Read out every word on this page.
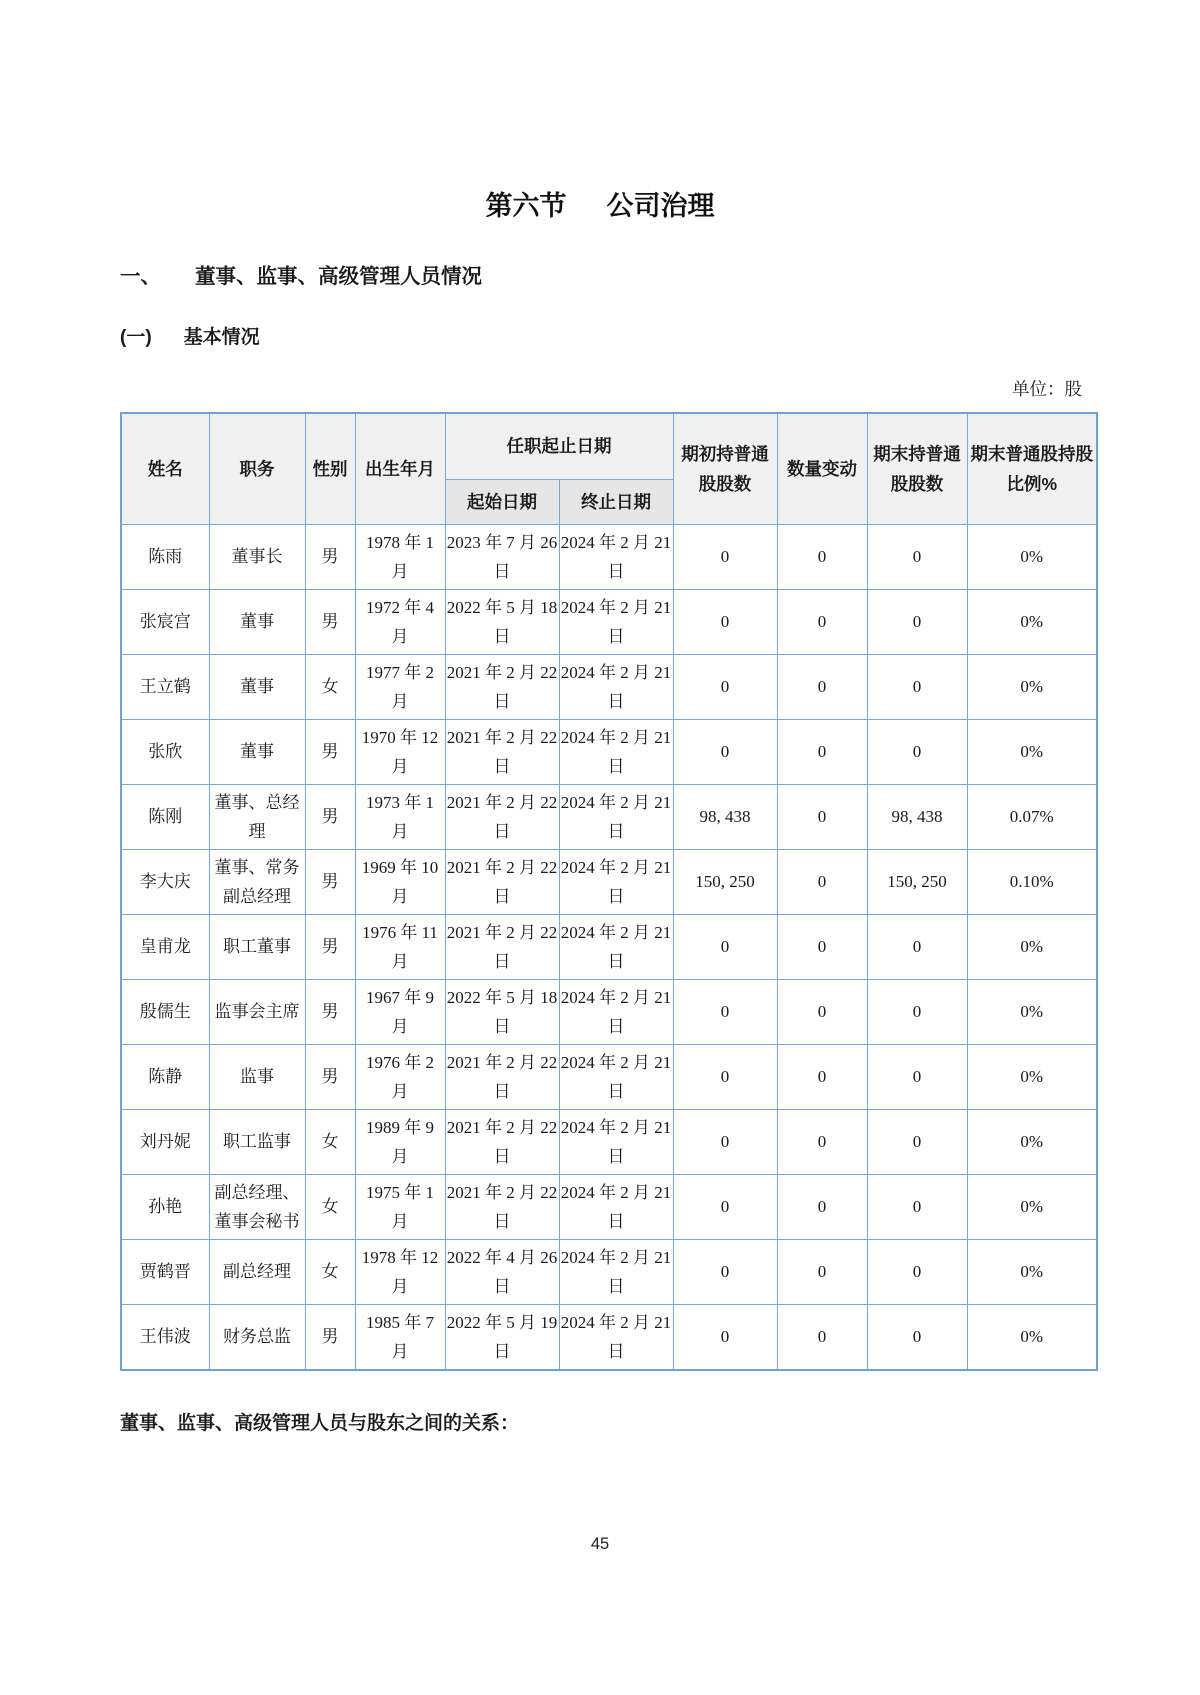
第六节 公司治理
一、 董事、监事、高级管理人员情况
(一) 基本情况
单位：股
姓名	职务	性别	出生年月	任职起止日期		期初持普通股股数	数量变动	期末持普通股股数	期末普通股持股比例%
				起始日期	终止日期				
陈雨	董事长	男	1978 年 1 月	2023 年 7 月 26 日	2024 年 2 月 21 日	0	0	0	0%
张宸宫	董事	男	1972 年 4 月	2022 年 5 月 18 日	2024 年 2 月 21 日	0	0	0	0%
王立鹤	董事	女	1977 年 2 月	2021 年 2 月 22 日	2024 年 2 月 21 日	0	0	0	0%
张欣	董事	男	1970 年 12 月	2021 年 2 月 22 日	2024 年 2 月 21 日	0	0	0	0%
陈刚	董事、总经理	男	1973 年 1 月	2021 年 2 月 22 日	2024 年 2 月 21 日	98, 438	0	98, 438	0.07%
李大庆	董事、常务副总经理	男	1969 年 10 月	2021 年 2 月 22 日	2024 年 2 月 21 日	150, 250	0	150, 250	0.10%
皇甫龙	职工董事	男	1976 年 11 月	2021 年 2 月 22 日	2024 年 2 月 21 日	0	0	0	0%
殷儒生	监事会主席	男	1967 年 9 月	2022 年 5 月 18 日	2024 年 2 月 21 日	0	0	0	0%
陈静	监事	男	1976 年 2 月	2021 年 2 月 22 日	2024 年 2 月 21 日	0	0	0	0%
刘丹妮	职工监事	女	1989 年 9 月	2021 年 2 月 22 日	2024 年 2 月 21 日	0	0	0	0%
孙艳	副总经理、董事会秘书	女	1975 年 1 月	2021 年 2 月 22 日	2024 年 2 月 21 日	0	0	0	0%
贾鹤晋	副总经理	女	1978 年 12 月	2022 年 4 月 26 日	2024 年 2 月 21 日	0	0	0	0%
王伟波	财务总监	男	1985 年 7 月	2022 年 5 月 19 日	2024 年 2 月 21 日	0	0	0	0%
董事、监事、高级管理人员与股东之间的关系：
45
